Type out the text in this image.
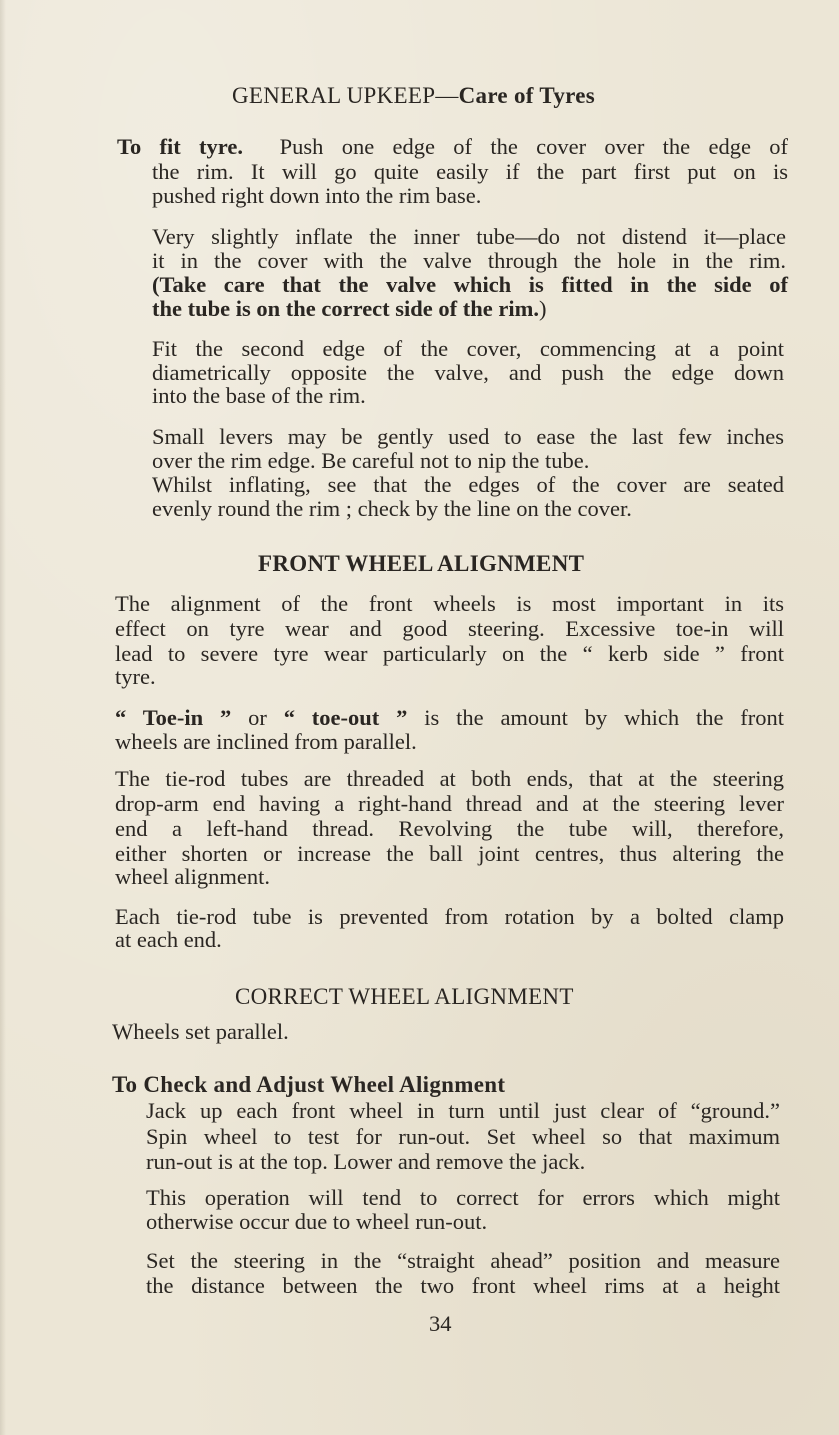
GENERAL UPKEEP—Care of Tyres

To fit tyre. Push one edge of the cover over the edge of

the rim. It will go quite easily if the part first put on is

pushed right down into the rim base.

Very slightly inflate the inner tube—do not distend it—place

it in the cover with the valve through the hole in the rim.

(Take care that the valve which is fitted in the side of

the tube is on the correct side of the rim.)

Fit the second edge of the cover, commencing at a point

diametrically opposite the valve, and push the edge down

into the base of the rim.

Small levers may be gently used to ease the last few inches

over the rim edge. Be careful not to nip the tube.

Whilst inflating, see that the edges of the cover are seated

evenly round the rim ; check by the line on the cover.

FRONT WHEEL ALIGNMENT

The alignment of the front wheels is most important in its

effect on tyre wear and good steering. Excessive toe-in will

lead to severe tyre wear particularly on the “ kerb side ” front

tyre.

“ Toe-in ” or “ toe-out ” is the amount by which the front

wheels are inclined from parallel.

The tie-rod tubes are threaded at both ends, that at the steering

drop-arm end having a right-hand thread and at the steering lever

end a left-hand thread. Revolving the tube will, therefore,

either shorten or increase the ball joint centres, thus altering the

wheel alignment.

Each tie-rod tube is prevented from rotation by a bolted clamp

at each end.

CORRECT WHEEL ALIGNMENT

Wheels set parallel.

To Check and Adjust Wheel Alignment

Jack up each front wheel in turn until just clear of “ground.”

Spin wheel to test for run-out. Set wheel so that maximum

run-out is at the top. Lower and remove the jack.

This operation will tend to correct for errors which might

otherwise occur due to wheel run-out.

Set the steering in the “straight ahead” position and measure

the distance between the two front wheel rims at a height

34
